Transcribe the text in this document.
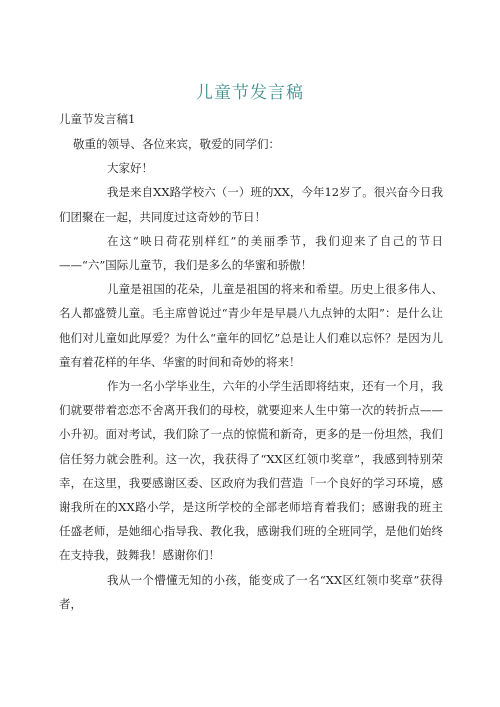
儿童节发言稿
儿童节发言稿1

敬重的领导、各位来宾，敬爱的同学们：

大家好！

我是来自XX路学校六（一）班的XX，今年12岁了。很兴奋今日我们团聚在一起，共同度过这奇妙的节日！

在这“映日荷花别样红”的美丽季节，我们迎来了自己的节日——“六”国际儿童节，我们是多么的华蜜和骄傲！

儿童是祖国的花朵，儿童是祖国的将来和希望。历史上很多伟人、名人都盛赞儿童。毛主席曾说过“青少年是早晨八九点钟的太阳”：是什么让他们对儿童如此厚爱？为什么“童年的回忆”总是让人们难以忘怀？是因为儿童有着花样的年华、华蜜的时间和奇妙的将来！

作为一名小学毕业生，六年的小学生活即将结束，还有一个月，我们就要带着恋恋不舍离开我们的母校，就要迎来人生中第一次的转折点——小升初。面对考试，我们除了一点的惊慌和新奇，更多的是一份坦然，我们信任努力就会胜利。这一次，我获得了“XX区红领巾奖章”，我感到特别荣幸，在这里，我要感谢区委、区政府为我们营造「一个良好的学习环境，感谢我所在的XX路小学，是这所学校的全部老师培育着我们；感谢我的班主任盛老师，是她细心指导我、教化我，感谢我们班的全班同学，是他们始终在支持我，鼓舞我！感谢你们！

我从一个懵懂无知的小孩，能变成了一名“XX区红领巾奖章”获得者，
